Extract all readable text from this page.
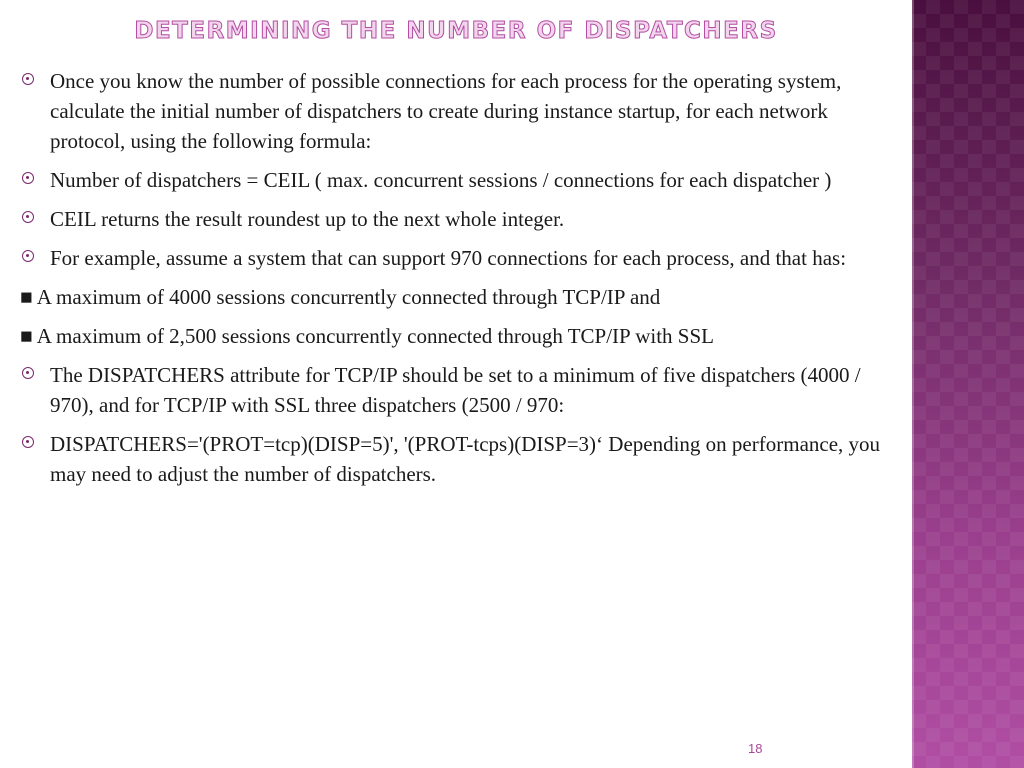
DETERMINING THE NUMBER OF DISPATCHERS
Once you know the number of possible connections for each process for the operating system, calculate the initial number of dispatchers to create during instance startup, for each network protocol, using the following formula:
Number of dispatchers = CEIL ( max. concurrent sessions / connections for each dispatcher )
CEIL returns the result roundest up to the next whole integer.
For example, assume a system that can support 970 connections for each process, and that has:
■ A maximum of 4000 sessions concurrently connected through TCP/IP and
■ A maximum of 2,500 sessions concurrently connected through TCP/IP with SSL
The DISPATCHERS attribute for TCP/IP should be set to a minimum of five dispatchers (4000 / 970), and for TCP/IP with SSL three dispatchers (2500 / 970:
DISPATCHERS='(PROT=tcp)(DISP=5)', '(PROT-tcps)(DISP=3)‘ Depending on performance, you may need to adjust the number of dispatchers.
18
